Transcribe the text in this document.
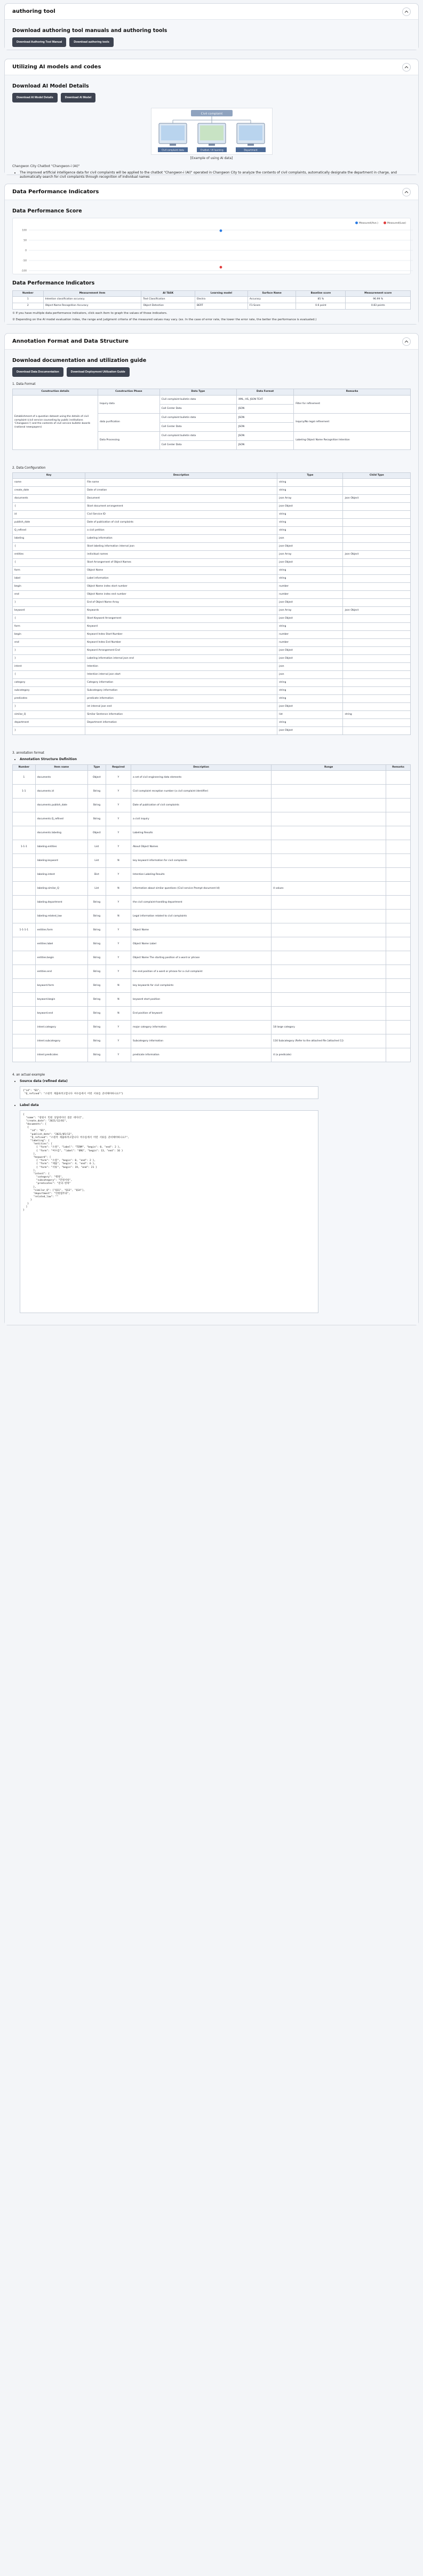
authoring tool
Download authoring tool manuals and authoring tools
Download Authoring Tool Manual	Download authoring tools
Utilizing AI models and codes
Download AI Model Details
Download AI Model Details	Download AI Model
Civil complaint
Civil complaint data	Chatbot / AI learning	Department
[Example of using AI data]
Changwon City Chatbot "Changwon-i (AI)"
• The improved artificial intelligence data for civil complaints will be applied to the chatbot "Changwon-i (AI)" operated in Changwon City to analyze the contents of civil complaints, automatically designate the department in charge, and automatically search for civil complaints through recognition of individual names
Data Performance Indicators
Data Performance Score
Measured(Ave.)	Measured(Low)
100
50
0
-50
-100
Data Performance Indicators
Number	Measurement item	AI TASK	Learning model	Surface Name	Baseline score	Measurement score
1	Intention classification accuracy	Text Classification	Electra	Accuracy	85 %	96.99 %
2	Object Name Recognition Accuracy	Object Detection	BERT	F1-Score	0.6 point	0.83 points
① If you have multiple data performance indicators, click each item to graph the values of those indicators.
② Depending on the AI model evaluation index, the range and judgment criteria of the measured values may vary. (ex. In the case of error rate, the lower the error rate, the better the performance is evaluated.)
Annotation Format and Data Structure
Download documentation and utilization guide
Download Data Documentation	Download Deployment Utilization Guide
1. Data Format
Construction details	Construction Phase	Data Type	Data Format	Remarks
Establishment of a question dataset using the details of civil complaint (civil service counseling by public institutions 'Changwon-i') and the contents of civil service bulletin boards (national newspapers)	Inquiry data	Civil complaint bulletin data	XML, HS, JSON TEXT	Filter for refinement
		Call Center Data	JSON	
	data purification	Civil complaint bulletin data	JSON	Inquiry/No legal refinement
		Call Center Data	JSON	
	Data Processing	Civil complaint bulletin data	JSON	Labeling Object Name Recognition Intention
		Call Center Data	JSON	
2. Data Configuration
Key	Description	Type	Child Type
name	File name	string	
create_date	Date of creation	string	
documents	Document	json Array	json Object
{	Start document arrangement	json Object	
id	Civil Service ID	string	
publish_date	Date of publication of civil complaints	string	
Q_refined	a civil petition	string	
labeling	Labeling information	json	
{	Start labeling information internal json	json Object	
entities	individual names	json Array	json Object
{	Start Arrangement of Object Names	json Object	
form	Object Name	string	
label	Label information	string	
begin	Object Name index start number	number	
end	Object Name index end number	number	
}	End of Object Name Array	json Object	
keyword	Keywords	json Array	json Object
{	Start Keyword Arrangement	json Object	
form	Keyword	string	
begin	Keyword Index Start Number	number	
end	Keyword Index End Number	number	
}	Keyword Arrangement End	json Object	
}	Labeling information internal json end	json Object	
intent	Intention	json	
{	Intention internal json start	json	
category	Category information	string	
subcategory	Subcategory information	string	
predicates	predicate information	string	
}	int internal json end	json Object	
similar_Q	Similar Sentence information	list	string
department	Department information	string	
}		json Object	
3. annotation format
• Annotation Structure Definition
Number	Item name	Type	Required	Description	Range	Remarks
1	documents	Object	Y	a set of civil engineering data elements		
1-1	documents.id	String	Y	Civil complaint reception number (a civil complaint identifier)		
	documents.publish_date	String	Y	Date of publication of civil complaints		
	documents.Q_refined	String	Y	a civil inquiry		
	documents.labeling	Object	Y	Labeling Results		
1-1-1	labeling.entities	List	Y	About Object Names		
	labeling.keyword	List	N	key keyword information for civil complaints		
	labeling.intent	Dict	Y	Intention Labeling Results		
	labeling.similar_Q	List	N	information about similar questions (Civil service Prompt document Id)	4 values	
	labeling.department	String	Y	the civil complaint-handling department		
	labeling.related_law	String	N	Legal information related to civil complaints		
1-1-1-1	entities.form	String	Y	Object Name		
	entities.label	String	Y	Object Name Label		
	entities.begin	String	Y	Object Name The starting position of a word or phrase		
	entities.end	String	Y	the end position of a word or phrase for a civil complaint		
	keyword.form	String	N	key keywords for civil complaints		
	keyword.begin	String	N	keyword start position		
	keyword.end	String	N	End position of keyword		
	intent.category	String	Y	major category information	18 large category	
	intent.subcategory	String	Y	Subcategory information	116 Subcategory (Refer to the attached file [attached 1])	
	intent.predicates	String	Y	predicate information	4 (a predicate)	
4. an actual example
• Source data (refined data)
{"id": "01",
"Q_refined": "소원적 제출하려고합니다 여수를에서 어떤 서류를 준비해야하나요?"}
• Label data
{
"name": "창원시 민원 상담데이터 질문 데이터",
"create_date": "2021/12/01",
"documents": [
{
"id": "01",
"publish_date": "2021/05/13",
"Q_refined": "소원적 제출하려고합니다 여수를에서 어떤 서류를 준비해야하나요?",
"labeling": {
"entities": [
{ "form": "소원", "label": "TERM", "begin": 0, "end": 2 },
{ "form": "여수를", "label": "ORG", "begin": 13, "end": 16 }
],
"keyword": [
{ "form": "소원", "begin": 0, "end": 2 },
{ "form": "제출", "begin": 4, "end": 6 },
{ "form": "서류", "begin": 19, "end": 21 }
],
"intent": {
"category": "행정",
"subcategory": "민원서류",
"predicates": "문의-항목"
},
"similar_Q": ["Q11", "Q13", "Q14"],
"department": "민원법무과",
"related_law": ""
}
}
]
}
